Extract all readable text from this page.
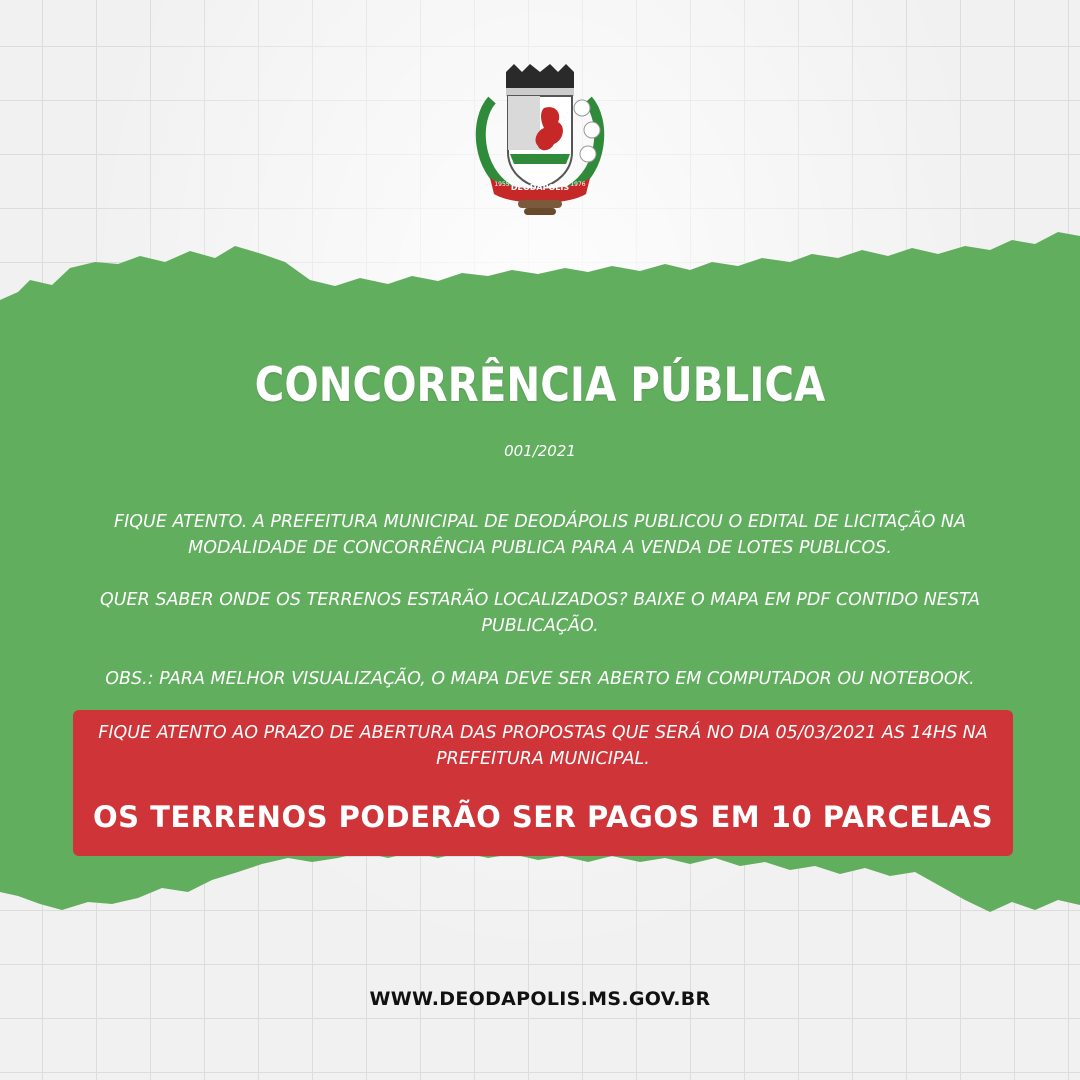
DEODÁPOLIS
1955	1976
CONCORRÊNCIA PÚBLICA
001/2021
FIQUE ATENTO. A PREFEITURA MUNICIPAL DE DEODÁPOLIS PUBLICOU O EDITAL DE LICITAÇÃO NA MODALIDADE DE CONCORRÊNCIA PUBLICA PARA A VENDA DE LOTES PUBLICOS.
QUER SABER ONDE OS TERRENOS ESTARÃO LOCALIZADOS? BAIXE O MAPA EM PDF CONTIDO NESTA PUBLICAÇÃO.
OBS.: PARA MELHOR VISUALIZAÇÃO, O MAPA DEVE SER ABERTO EM COMPUTADOR OU NOTEBOOK.
FIQUE ATENTO AO PRAZO DE ABERTURA DAS PROPOSTAS QUE SERÁ NO DIA 05/03/2021 AS 14HS NA PREFEITURA MUNICIPAL.
OS TERRENOS PODERÃO SER PAGOS EM 10 PARCELAS
WWW.DEODAPOLIS.MS.GOV.BR
